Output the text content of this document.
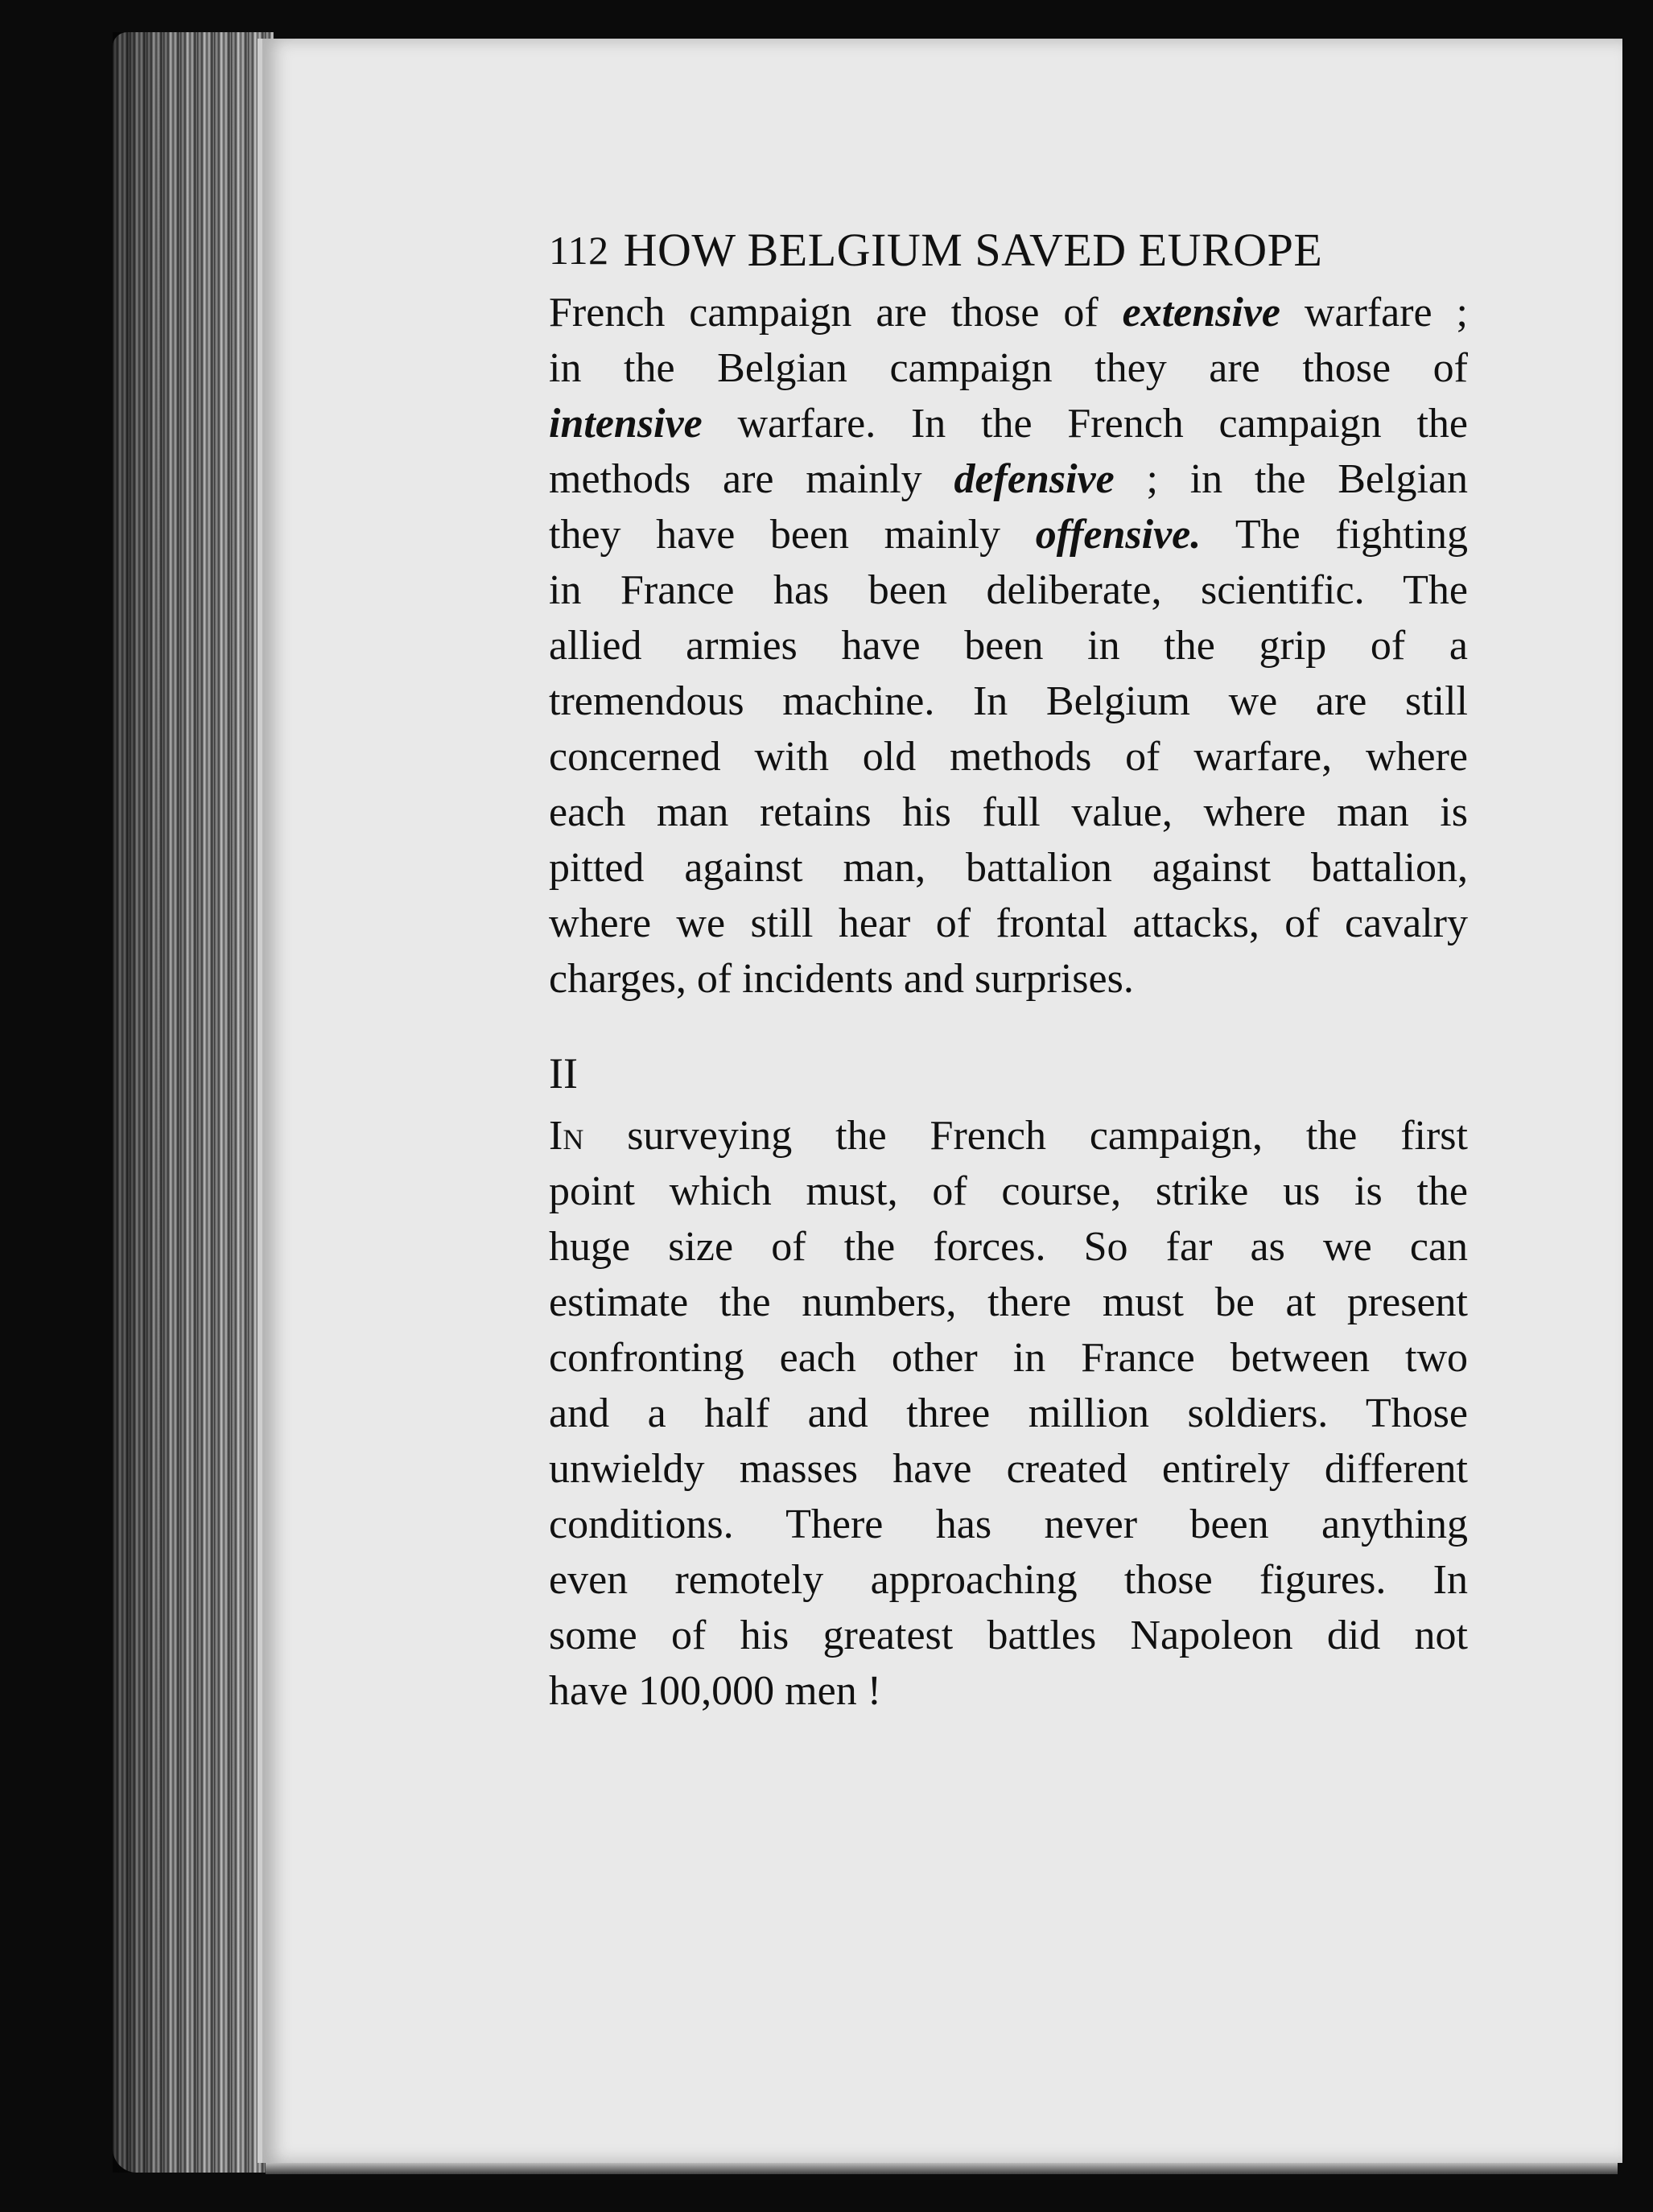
112 HOW BELGIUM SAVED EUROPE
French campaign are those of extensive warfare ;
in the Belgian campaign they are those of
intensive warfare. In the French campaign the
methods are mainly defensive ; in the Belgian
they have been mainly offensive. The fighting
in France has been deliberate, scientific. The
allied armies have been in the grip of a
tremendous machine. In Belgium we are still
concerned with old methods of warfare, where
each man retains his full value, where man is
pitted against man, battalion against battalion,
where we still hear of frontal attacks, of cavalry
charges, of incidents and surprises.
II
In surveying the French campaign, the first
point which must, of course, strike us is the
huge size of the forces. So far as we can
estimate the numbers, there must be at present
confronting each other in France between two
and a half and three million soldiers. Those
unwieldy masses have created entirely different
conditions. There has never been anything
even remotely approaching those figures. In
some of his greatest battles Napoleon did not
have 100,000 men !
